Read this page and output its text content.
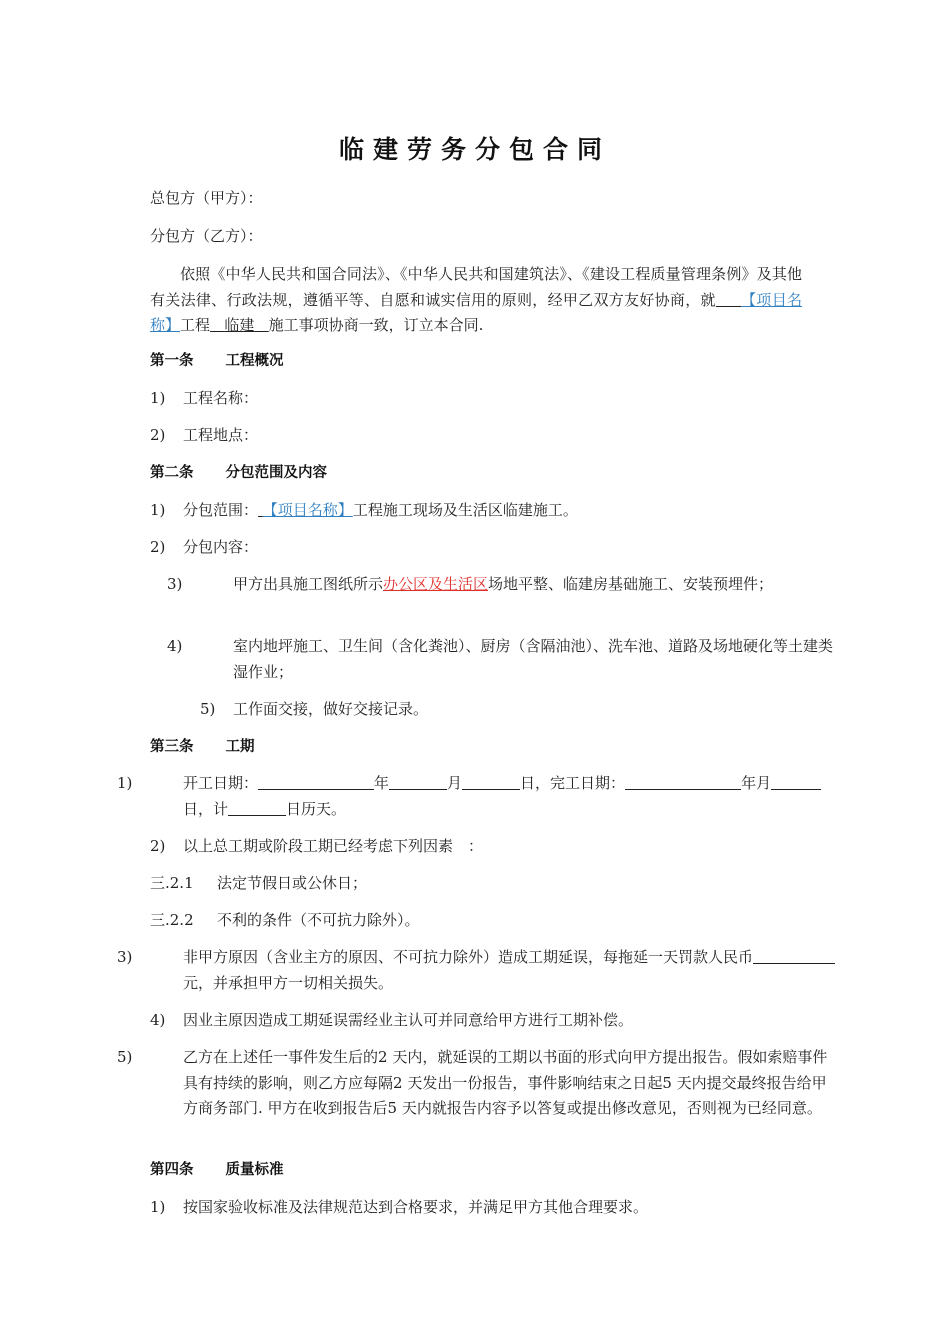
临建劳务分包合同
总包方（甲方）：
分包方（乙方）：
依照《中华人民共和国合同法》、《中华人民共和国建筑法》、《建设工程质量管理条例》及其他有关法律、行政法规，遵循平等、自愿和诚实信用的原则，经甲乙双方友好协商，就 【项目名称】工程 临建 施工事项协商一致，订立本合同.
第一条 工程概况
1) 工程名称：
2) 工程地点：
第二条 分包范围及内容
1) 分包范围： 【项目名称】工程施工现场及生活区临建施工。
2) 分包内容：
3)	甲方出具施工图纸所示办公区及生活区场地平整、临建房基础施工、安装预埋件；
4)	室内地坪施工、卫生间（含化粪池）、厨房（含隔油池）、洗车池、道路及场地硬化等土建类湿作业；
5) 工作面交接，做好交接记录。
第三条 工期
1)	开工日期：	年	月	日，完工日期：	年月日，计	日历天。
2) 以上总工期或阶段工期已经考虑下列因素　：
三.2.1 法定节假日或公休日；
三.2.2 不利的条件（不可抗力除外）。
3)	非甲方原因（含业主方的原因、不可抗力除外）造成工期延误，每拖延一天罚款人民币元，并承担甲方一切相关损失。
4) 因业主原因造成工期延误需经业主认可并同意给甲方进行工期补偿。
5)	乙方在上述任一事件发生后的2 天内，就延误的工期以书面的形式向甲方提出报告。假如索赔事件具有持续的影响，则乙方应每隔2 天发出一份报告，事件影响结束之日起5 天内提交最终报告给甲方商务部门. 甲方在收到报告后5 天内就报告内容予以答复或提出修改意见，否则视为已经同意。
第四条 质量标准
1) 按国家验收标准及法律规范达到合格要求，并满足甲方其他合理要求。
